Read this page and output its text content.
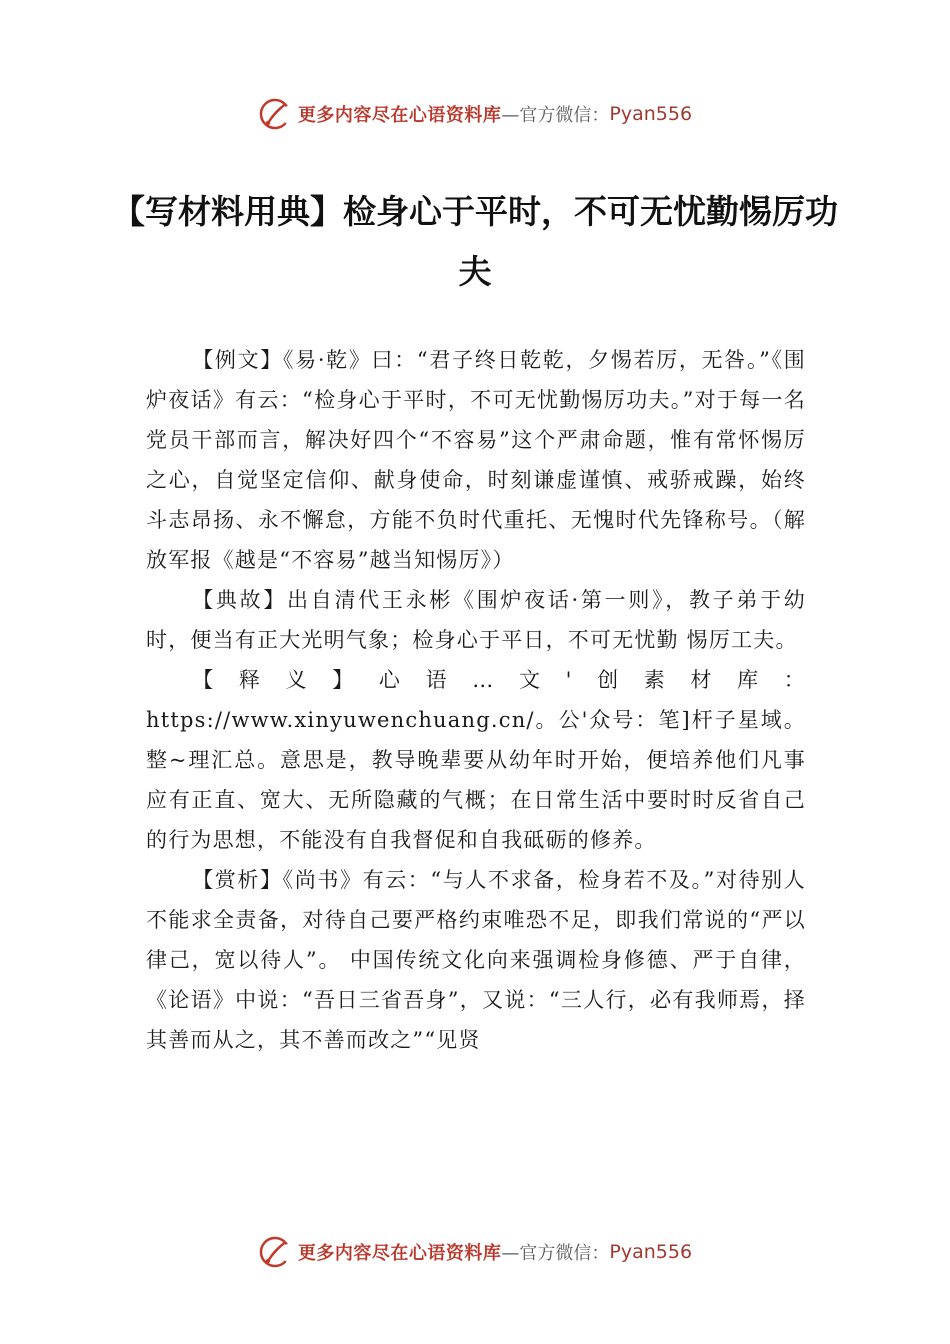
更多内容尽在心语资料库 —官方微信： Pyan556
【写材料用典】检身心于平时，不可无忧勤惕厉功夫

【例文】《易·乾》曰：“君子终日乾乾，夕惕若厉，无咎。”《围炉夜话》有云：“检身心于平时，不可无忧勤惕厉功夫。”对于每一名党员干部而言，解决好四个“不容易”这个严肃命题，惟有常怀惕厉之心，自觉坚定信仰、献身使命，时刻谦虚谨慎、戒骄戒躁，始终斗志昂扬、永不懈怠，方能不负时代重托、无愧时代先锋称号。（解放军报《越是“不容易”越当知惕厉》）

【典故】出自清代王永彬《围炉夜话·第一则》，教子弟于幼时，便当有正大光明气象；检身心于平日，不可无忧勤 惕厉工夫。

【释义】心语…文'创素材库：https://www.xinyuwenchuang.cn/。公'众号：笔]杆子星域。整~理汇总。意思是，教导晚辈要从幼年时开始，便培养他们凡事应有正直、宽大、无所隐藏的气概；在日常生活中要时时反省自己的行为思想，不能没有自我督促和自我砥砺的修养。

【赏析】《尚书》有云：“与人不求备，检身若不及。”对待别人不能求全责备，对待自己要严格约束唯恐不足，即我们常说的“严以律己，宽以待人”。 中国传统文化向来强调检身修德、严于自律，《论语》中说：“吾日三省吾身”，又说：“三人行，必有我师焉，择其善而从之，其不善而改之”“见贤

更多内容尽在心语资料库 —官方微信： Pyan556
